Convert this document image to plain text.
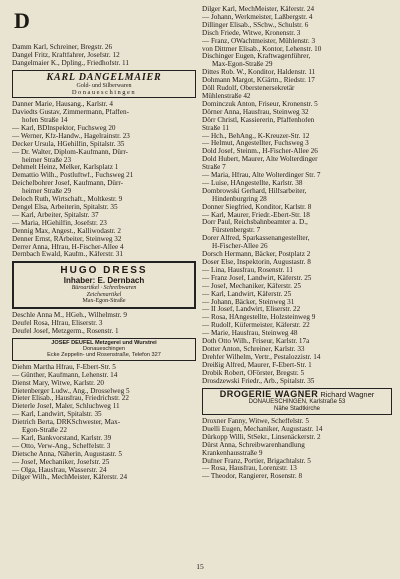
D
Damm Karl, Schreiner, Bregstr. 26
Dangel Fritz, Kraftfahrer, Josefstr. 12
Dangelmaier K., Dpling., Friedhofstr. 11
KARL DANGELMAIER
Gold- und Silberwaren
Donaueschingen
Danner Marie, Hausang., Karlstr. 4
Daviedts Gustav, Zimmermann, Pfaffen-
hofen Straße 14
— Karl, BDlnspektor, Fuchsweg 20
— Werner, Kfz-Handw., Hagelrainstr. 23
Decker Ursula, HGehilfin, Spitalstr. 35
— Dr. Walter, Diplom-Kaufmann, Dürr-
heimer Straße 23
Dehmelt Heinz, Melker, Karlsplatz 1
Demattio Wilh., Postluftwf., Fuchsweg 21
Deichelbohrer Josef, Kaufmann, Dürr-
heimer Straße 29
Deloch Ruth, Wirtschaft., Moltkestr. 9
Dengel Elsa, Arbeiterin, Spitalstr. 35
— Karl, Arbeiter, Spitalstr. 37
— Maria, HGehilfin, Josefstr. 23
Dennig Max, Angest., Kalliwodastr. 2
Denner Ernst, RArbeiter, Steinweg 32
Derrer Anna, Hfrau, H-Fischer-Allee 4
Dernbach Ewald, Kaufm., Käferstr. 31
HUGO DRESS
Inhaber: E. Dernbach
Büroartikel · Schreibwaren
Zeichenartikel
Max-Egon-Straße
Deschle Anna M., HGeh., Wilhelmstr. 9
Deufel Rosa, Hfrau, Eliserstr. 3
Deufel Josef, Metzgerm., Rosenstr. 1
JOSEF DEUFEL Metzgerei und Wurstrei
Donaueschingen
Ecke Zeppelin- und Rosenstraße, Telefon 327
Diehm Martha Hfrau, F-Ebert-Str. 5
— Günther, Kaufmann, Lehenstr. 14
Dienst Mary, Witwe, Karlstr. 20
Dietenberger Ludw., Ang., Drosselweg 5
Dieter Elisab., Hausfrau, Friedrichstr. 22
Dieterle Josef, Maler, Schluchweg 11
— Karl, Landwirt, Spitalstr. 35
Dietrich Berta, DRKSchwester, Max-
Egon-Straße 22
— Karl, Bankvorstand, Karlstr. 39
— Otto, Verw-Ang., Scheffelstr. 3
Dietsche Anna, Näherin, Augustastr. 5
— Josef, Mechaniker, Josefstr. 25
— Olga, Hausfrau, Wasserstr. 24
Dilger Wilh., MechMeister, Käferstr. 24
Dilger Karl, MechMeister, Käferstr. 24
— Johann, Werkmeister, Laßbergstr. 4
Dillinger Elisab., SSchw., Schulstr. 6
Disch Friede, Witwe, Kronenstr. 3
— Franz, OWachtmeister, Mühlenstr. 3
von Dittmer Elisab., Kontor, Lehenstr. 10
Dischinger Eugen, Kraftwagenführer,
Max-Egon-Straße 29
Dittes Rob. W., Konditor, Haldenstr. 11
Dohmann Margot, KGärtn., Riedstr. 17
Döll Rudolf, Oberstenersekretär
Mühlenstraße 42
Dominczuk Anton, Friseur, Kronenstr. 5
Dörner Anna, Hausfrau, Steinweg 32
Dörr Christl, Kassiererin, Pfaffenhofen
Straße 11
— Hch., BehAng., K-Kreuzer-Str. 12
— Helmut, Angestellter, Fuchsweg 3
Dold Josef, Steinm., H-Fischer-Allee 26
Dold Hubert, Maurer, Alte Wolterdinger
Straße 7
— Maria, Hfrau, Alte Wolterdinger Str. 7
— Luise, HAngestellte, Karlstr. 38
Dombrowski Gerhard, Hilfsarbeiter,
Hindenburgring 28
Donner Siegfried, Konditor, Karlstr. 8
— Karl, Maurer, Friedr.-Ebert-Str. 18
Dorr Paul, Reichsbahnbeamter a. D.,
Fürstenbergstr. 7
Dorer Alfred, Sparkassenangestellter,
H-Fischer-Allee 26
Dorsch Hermann, Bäcker, Postplatz 2
Doser Else, Inspektorin, Augustastr. 8
— Lina, Hausfrau, Rosenstr. 11
— Franz Josef, Landwirt, Käferstr. 25
— Josef, Mechaniker, Käferstr. 25
— Karl, Landwirt, Käferstr. 25
— Johann, Bäcker, Steinweg 31
— II Josef, Landwirt, Eliserstr. 22
— Rosa, HAngestellte, Holzsteinweg 9
— Rudolf, Küfermeister, Käferstr. 22
— Marie, Hausfrau, Steinweg 48
Doth Otto Wilh., Friseur, Karlstr. 17a
Dotter Anton, Schreiner, Karlstr. 33
Drehfer Wilhelm, Vertr., Pestalozzistr. 14
Dreißig Alfred, Maurer, F-Ebert-Str. 1
Drobik Robert, OFörster, Bregstr. 5
Drosdzewski Friedr., Arb., Spitalstr. 35
DROGERIE WAGNER Richard Wagner
DONAUESCHINGEN, Karlstraße 53
Nähe Stadtkirche
Droxner Fanny, Witwe, Scheffelstr. 5
Duelli Eugen, Mechaniker, Augustastr. 14
Dürkopp Willi, StSekr., Linsenäckerstr. 2
Dürst Anna, Schreibwarenhandlung
Krankenhausstraße 9
Dufner Franz, Portier, Brigachtalstr. 5
— Rosa, Hausfrau, Lorenzstr. 13
— Theodor, Rangierer, Rosenstr. 8
15
